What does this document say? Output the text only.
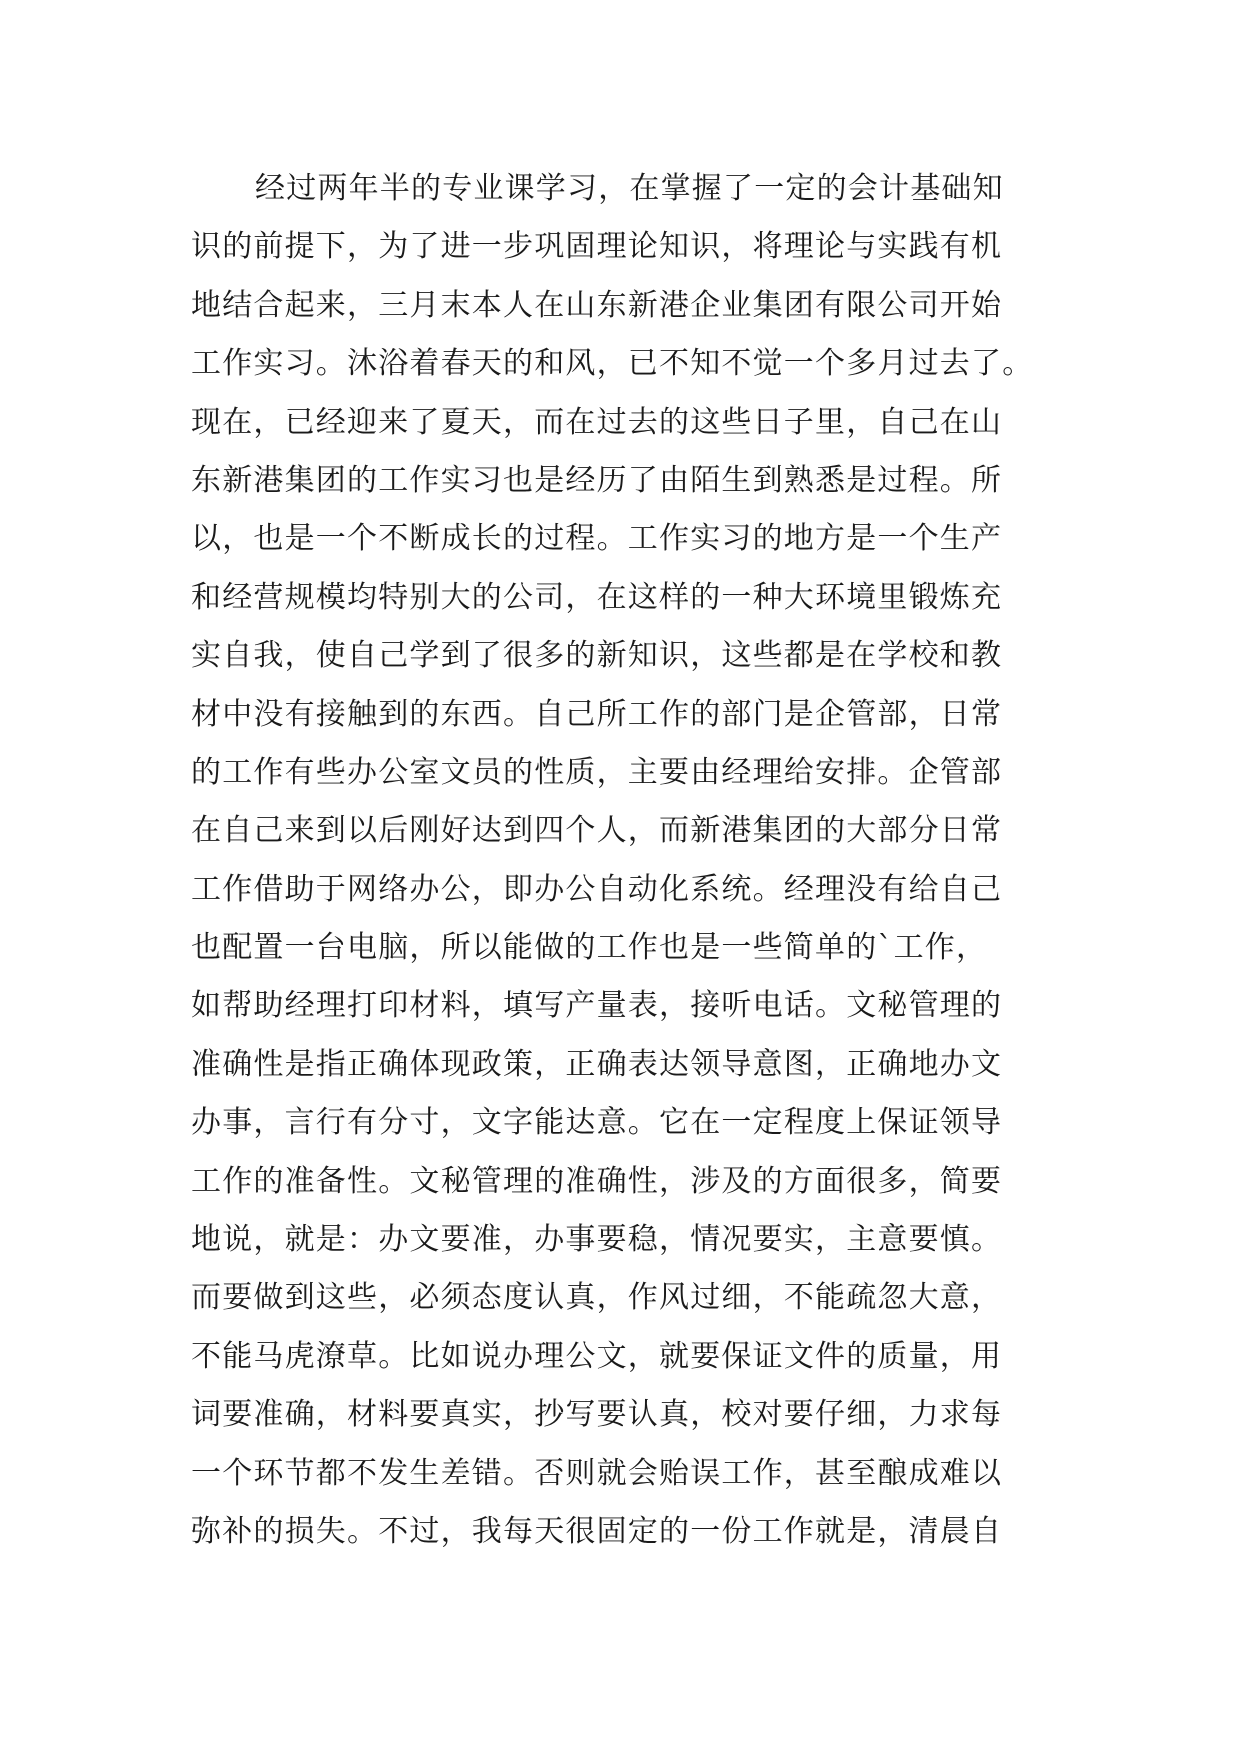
经过两年半的专业课学习，在掌握了一定的会计基础知
识的前提下，为了进一步巩固理论知识，将理论与实践有机
地结合起来，三月末本人在山东新港企业集团有限公司开始
工作实习。沐浴着春天的和风，已不知不觉一个多月过去了。
现在，已经迎来了夏天，而在过去的这些日子里，自己在山
东新港集团的工作实习也是经历了由陌生到熟悉是过程。所
以，也是一个不断成长的过程。工作实习的地方是一个生产
和经营规模均特别大的公司，在这样的一种大环境里锻炼充
实自我，使自己学到了很多的新知识，这些都是在学校和教
材中没有接触到的东西。自己所工作的部门是企管部，日常
的工作有些办公室文员的性质，主要由经理给安排。企管部
在自己来到以后刚好达到四个人，而新港集团的大部分日常
工作借助于网络办公，即办公自动化系统。经理没有给自己
也配置一台电脑，所以能做的工作也是一些简单的`工作，
如帮助经理打印材料，填写产量表，接听电话。文秘管理的
准确性是指正确体现政策，正确表达领导意图，正确地办文
办事，言行有分寸，文字能达意。它在一定程度上保证领导
工作的准备性。文秘管理的准确性，涉及的方面很多，简要
地说，就是：办文要准，办事要稳，情况要实，主意要慎。
而要做到这些，必须态度认真，作风过细，不能疏忽大意，
不能马虎潦草。比如说办理公文，就要保证文件的质量，用
词要准确，材料要真实，抄写要认真，校对要仔细，力求每
一个环节都不发生差错。否则就会贻误工作，甚至酿成难以
弥补的损失。不过，我每天很固定的一份工作就是，清晨自
